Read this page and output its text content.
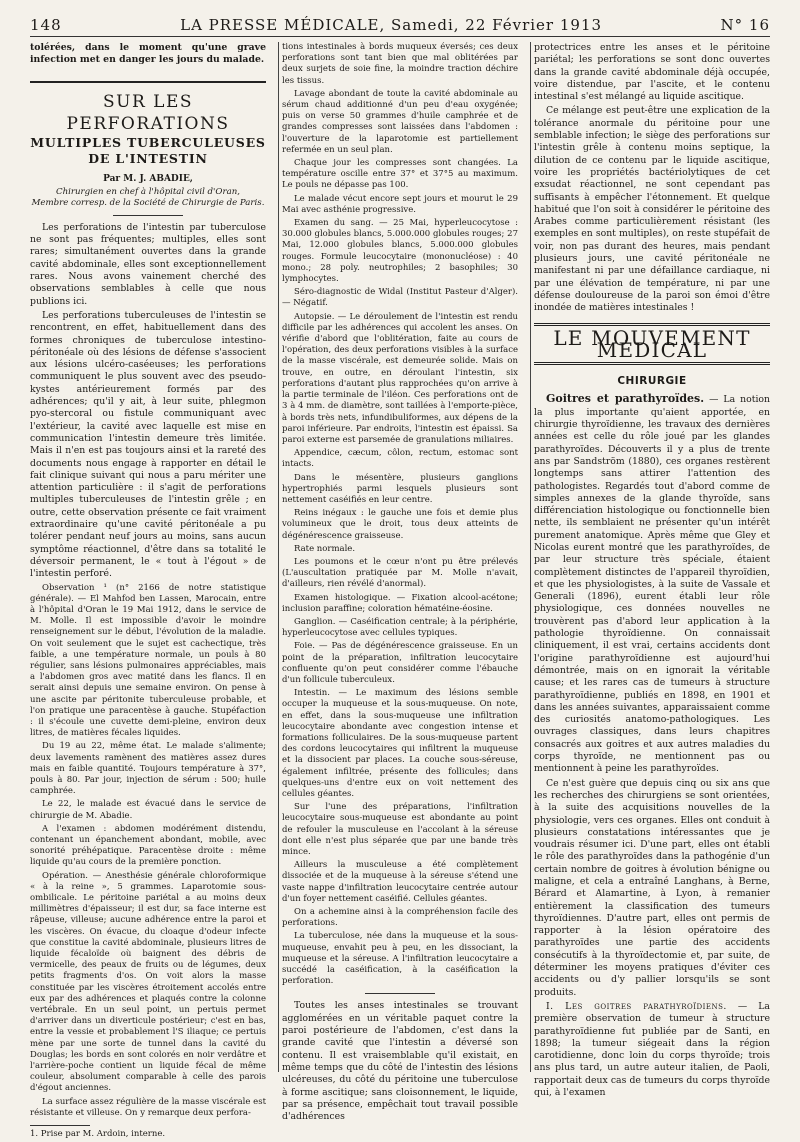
148	LA PRESSE MÉDICALE, Samedi, 22 Février 1913	N° 16

tolérées, dans le moment qu'une grave infection met en danger les jours du malade.

SUR LES PERFORATIONS
MULTIPLES TUBERCULEUSES DE L'INTESTIN
Par M. J. ABADIE,
Chirurgien en chef à l'hôpital civil d'Oran,
Membre corresp. de la Société de Chirurgie de Paris.

Les perforations de l'intestin par tuberculose ne sont pas fréquentes; multiples, elles sont rares; simultanément ouvertes dans la grande cavité abdominale, elles sont exceptionnellement rares. Nous avons vainement cherché des observations semblables à celle que nous publions ici.

Les perforations tuberculeuses de l'intestin se rencontrent, en effet, habituellement dans des formes chroniques de tuberculose intestino-péritonéale où des lésions de défense s'associent aux lésions ulcéro-caséeuses; les perforations communiquent le plus souvent avec des pseudo-kystes antérieurement formés par des adhérences; qu'il y ait, à leur suite, phlegmon pyo-stercoral ou fistule communiquant avec l'extérieur, la cavité avec laquelle est mise en communication l'intestin demeure très limitée. Mais il n'en est pas toujours ainsi et la rareté des documents nous engage à rapporter en détail le fait clinique suivant qui nous a paru mériter une attention particulière : il s'agit de perforations multiples tuberculeuses de l'intestin grêle ; en outre, cette observation présente ce fait vraiment extraordinaire qu'une cavité péritonéale a pu tolérer pendant neuf jours au moins, sans aucun symptôme réactionnel, d'être dans sa totalité le déversoir permanent, le « tout à l'égout » de l'intestin perforé.

Observation ¹ (n° 2166 de notre statistique générale). — El Mahfod ben Lassen, Marocain, entre à l'hôpital d'Oran le 19 Mai 1912, dans le service de M. Molle. Il est impossible d'avoir le moindre renseignement sur le début, l'évolution de la maladie. On voit seulement que le sujet est cachectique, très faible, a une température normale, un pouls à 80 régulier, sans lésions pulmonaires appréciables, mais a l'abdomen gros avec matité dans les flancs. Il en serait ainsi depuis une semaine environ. On pense à une ascite par péritonite tuberculeuse probable, et l'on pratique une paracentèse à gauche. Stupéfaction : il s'écoule une cuvette demi-pleine, environ deux litres, de matières fécales liquides.

Du 19 au 22, même état. Le malade s'alimente; deux lavements ramènent des matières assez dures mais en faible quantité. Toujours température à 37°, pouls à 80. Par jour, injection de sérum : 500; huile camphrée.

Le 22, le malade est évacué dans le service de chirurgie de M. Abadie.

A l'examen : abdomen modérément distendu, contenant un épanchement abondant, mobile, avec sonorité préhépatique. Paracentèse droite : même liquide qu'au cours de la première ponction.

Opération. — Anesthésie générale chloroformique « à la reine », 5 grammes. Laparotomie sous-ombilicale. Le péritoine pariétal a au moins deux millimètres d'épaisseur; il est dur, sa face interne est râpeuse, villeuse; aucune adhérence entre la paroi et les viscères. On évacue, du cloaque d'odeur infecte que constitue la cavité abdominale, plusieurs litres de liquide fécaloïde où baignent des débris de vermicelle, des peaux de fruits ou de légumes, deux petits fragments d'os. On voit alors la masse constituée par les viscères étroitement accolés entre eux par des adhérences et plaqués contre la colonne vertébrale. En un seul point, un pertuis permet d'arriver dans un diverticule postérieur; c'est en bas, entre la vessie et probablement l'S iliaque; ce pertuis mène par une sorte de tunnel dans la cavité du Douglas; les bords en sont colorés en noir verdâtre et l'arrière-poche contient un liquide fécal de même couleur, absolument comparable à celle des parois d'égout anciennes.

La surface assez régulière de la masse viscérale est résistante et villeuse. On y remarque deux perfora-

1. Prise par M. Ardoin, interne.

tions intestinales à bords muqueux éversés; ces deux perforations sont tant bien que mal oblitérées par deux surjets de soie fine, la moindre traction déchire les tissus.

Lavage abondant de toute la cavité abdominale au sérum chaud additionné d'un peu d'eau oxygénée; puis on verse 50 grammes d'huile camphrée et de grandes compresses sont laissées dans l'abdomen : l'ouverture de la laparotomie est partiellement refermée en un seul plan.

Chaque jour les compresses sont changées. La température oscille entre 37° et 37°5 au maximum. Le pouls ne dépasse pas 100.

Le malade vécut encore sept jours et mourut le 29 Mai avec asthénie progressive.

Examen du sang. — 25 Mai, hyperleucocytose : 30.000 globules blancs, 5.000.000 globules rouges; 27 Mai, 12.000 globules blancs, 5.000.000 globules rouges. Formule leucocytaire (mononucléose) : 40 mono.; 28 poly. neutrophiles; 2 basophiles; 30 lymphocytes.

Séro-diagnostic de Widal (Institut Pasteur d'Alger). — Négatif.

Autopsie. — Le déroulement de l'intestin est rendu difficile par les adhérences qui accolent les anses. On vérifie d'abord que l'oblitération, faite au cours de l'opération, des deux perforations visibles à la surface de la masse viscérale, est demeurée solide. Mais on trouve, en outre, en déroulant l'intestin, six perforations d'autant plus rapprochées qu'on arrive à la partie terminale de l'iléon. Ces perforations ont de 3 à 4 mm. de diamètre, sont taillées à l'emporte-pièce, à bords très nets, infundibuliformes, aux dépens de la paroi inférieure. Par endroits, l'intestin est épaissi. Sa paroi externe est parsemée de granulations miliaires.

Appendice, cæcum, côlon, rectum, estomac sont intacts.

Dans le mésentère, plusieurs ganglions hypertrophiés parmi lesquels plusieurs sont nettement caséifiés en leur centre.

Reins inégaux : le gauche une fois et demie plus volumineux que le droit, tous deux atteints de dégénérescence graisseuse.

Rate normale.

Les poumons et le cœur n'ont pu être prélevés (L'auscultation pratiquée par M. Molle n'avait, d'ailleurs, rien révélé d'anormal).

Examen histologique. — Fixation alcool-acétone; inclusion paraffine; coloration hématéine-éosine.

Ganglion. — Caséification centrale; à la périphérie, hyperleucocytose avec cellules typiques.

Foie. — Pas de dégénérescence graisseuse. En un point de la préparation, infiltration leucocytaire confluente qu'on peut considérer comme l'ébauche d'un follicule tuberculeux.

Intestin. — Le maximum des lésions semble occuper la muqueuse et la sous-muqueuse. On note, en effet, dans la sous-muqueuse une infiltration leucocytaire abondante avec congestion intense et formations folliculaires. De la sous-muqueuse partent des cordons leucocytaires qui infiltrent la muqueuse et la dissocient par places. La couche sous-séreuse, également infiltrée, présente des follicules; dans quelques-uns d'entre eux on voit nettement des cellules géantes.

Sur l'une des préparations, l'infiltration leucocytaire sous-muqueuse est abondante au point de refouler la musculeuse en l'accolant à la séreuse dont elle n'est plus séparée que par une bande très mince.

Ailleurs la musculeuse a été complètement dissociée et de la muqueuse à la séreuse s'étend une vaste nappe d'infiltration leucocytaire centrée autour d'un foyer nettement caséifié. Cellules géantes.

On a achemine ainsi à la compréhension facile des perforations.

La tuberculose, née dans la muqueuse et la sous-muqueuse, envahit peu à peu, en les dissociant, la muqueuse et la séreuse. A l'infiltration leucocytaire a succédé la caséification, à la caséification la perforation.

Toutes les anses intestinales se trouvant agglomérées en un véritable paquet contre la paroi postérieure de l'abdomen, c'est dans la grande cavité que l'intestin a déversé son contenu. Il est vraisemblable qu'il existait, en même temps que du côté de l'intestin des lésions ulcéreuses, du côté du péritoine une tuberculose à forme ascitique; sans cloisonnement, le liquide, par sa présence, empêchait tout travail possible d'adhérences

protectrices entre les anses et le péritoine pariétal; les perforations se sont donc ouvertes dans la grande cavité abdominale déjà occupée, voire distendue, par l'ascite, et le contenu intestinal s'est mélangé au liquide ascitique.

Ce mélange est peut-être une explication de la tolérance anormale du péritoine pour une semblable infection; le siège des perforations sur l'intestin grêle à contenu moins septique, la dilution de ce contenu par le liquide ascitique, voire les propriétés bactériolytiques de cet exsudat réactionnel, ne sont cependant pas suffisants à empêcher l'étonnement. Et quelque habitué que l'on soit à considérer le péritoine des Arabes comme particulièrement résistant (les exemples en sont multiples), on reste stupéfait de voir, non pas durant des heures, mais pendant plusieurs jours, une cavité péritonéale ne manifestant ni par une défaillance cardiaque, ni par une élévation de température, ni par une défense douloureuse de la paroi son émoi d'être inondée de matières intestinales !

LE MOUVEMENT MÉDICAL
CHIRURGIE

Goitres et parathyroïdes. — La notion la plus importante qu'aient apportée, en chirurgie thyroïdienne, les travaux des dernières années est celle du rôle joué par les glandes parathyroïdes. Découverts il y a plus de trente ans par Sandström (1880), ces organes restèrent longtemps sans attirer l'attention des pathologistes. Regardés tout d'abord comme de simples annexes de la glande thyroïde, sans différenciation histologique ou fonctionnelle bien nette, ils semblaient ne présenter qu'un intérêt purement anatomique. Après même que Gley et Nicolas eurent montré que les parathyroïdes, de par leur structure très spéciale, étaient complètement distinctes de l'appareil thyroïdien, et que les physiologistes, à la suite de Vassale et Generali (1896), eurent établi leur rôle physiologique, ces données nouvelles ne trouvèrent pas d'abord leur application à la pathologie thyroïdienne. On connaissait cliniquement, il est vrai, certains accidents dont l'origine parathyroïdienne est aujourd'hui démontrée, mais on en ignorait la véritable cause; et les rares cas de tumeurs à structure parathyroïdienne, publiés en 1898, en 1901 et dans les années suivantes, apparaissaient comme des curiosités anatomo-pathologiques. Les ouvrages classiques, dans leurs chapitres consacrés aux goitres et aux autres maladies du corps thyroïde, ne mentionnent pas ou mentionnent à peine les parathyroïdes.

Ce n'est guère que depuis cinq ou six ans que les recherches des chirurgiens se sont orientées, à la suite des acquisitions nouvelles de la physiologie, vers ces organes. Elles ont conduit à plusieurs constatations intéressantes que je voudrais résumer ici. D'une part, elles ont établi le rôle des parathyroïdes dans la pathogénie d'un certain nombre de goitres à évolution bénigne ou maligne, et cela a entraîné Langhans, à Berne, Bérard et Alamartine, à Lyon, à remanier entièrement la classification des tumeurs thyroïdiennes. D'autre part, elles ont permis de rapporter à la lésion opératoire des parathyroïdes une partie des accidents consécutifs à la thyroïdectomie et, par suite, de déterminer les moyens pratiques d'éviter ces accidents ou d'y pallier lorsqu'ils se sont produits.

I. Les goitres parathyroïdiens. — La première observation de tumeur à structure parathyroïdienne fut publiée par de Santi, en 1898; la tumeur siégeait dans la région carotidienne, donc loin du corps thyroïde; trois ans plus tard, un autre auteur italien, de Paoli, rapportait deux cas de tumeurs du corps thyroïde qui, à l'examen
